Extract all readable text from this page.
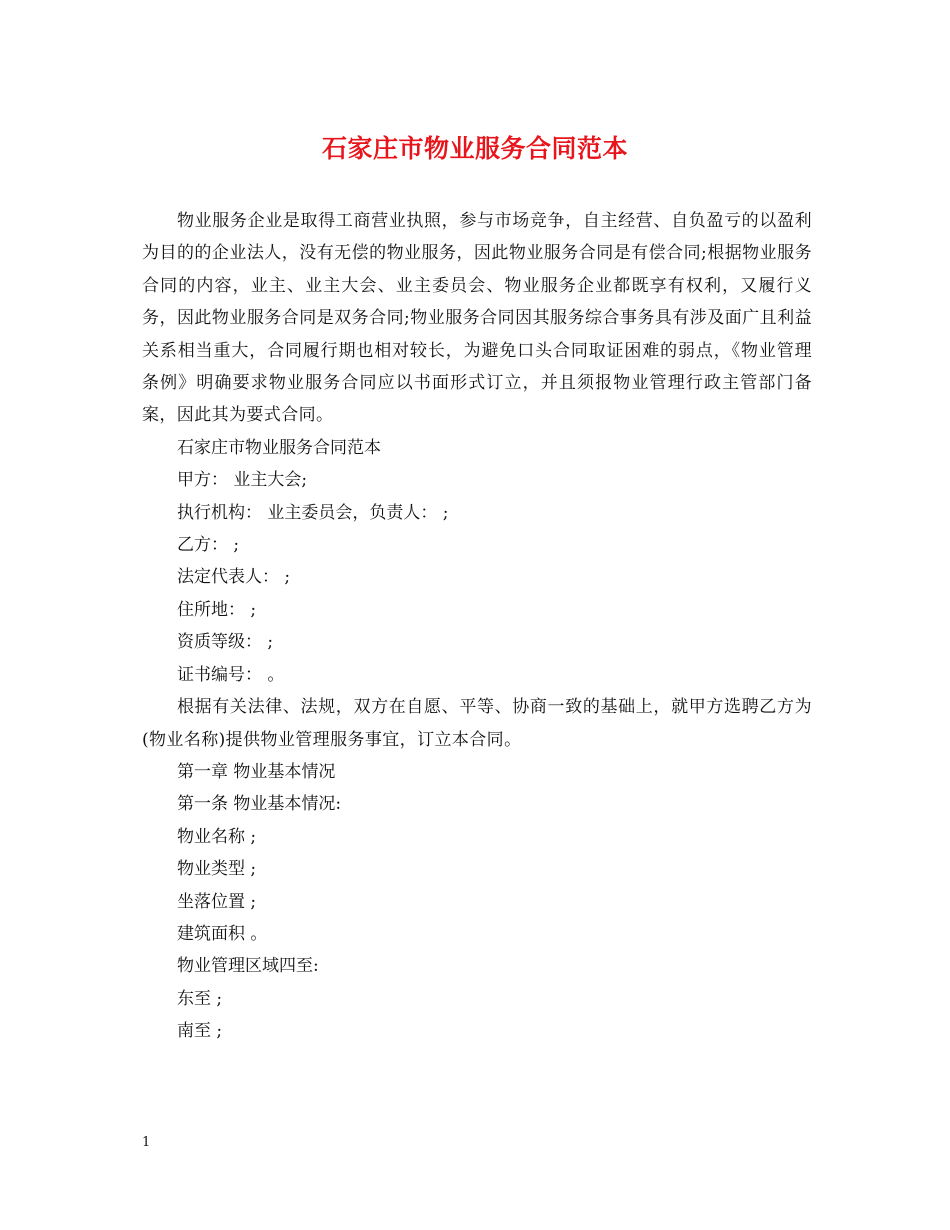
石家庄市物业服务合同范本

物业服务企业是取得工商营业执照，参与市场竞争，自主经营、自负盈亏的以盈利为目的的企业法人，没有无偿的物业服务，因此物业服务合同是有偿合同;根据物业服务合同的内容，业主、业主大会、业主委员会、物业服务企业都既享有权利，又履行义务，因此物业服务合同是双务合同;物业服务合同因其服务综合事务具有涉及面广且利益关系相当重大，合同履行期也相对较长，为避免口头合同取证困难的弱点，《物业管理条例》明确要求物业服务合同应以书面形式订立，并且须报物业管理行政主管部门备案，因此其为要式合同。

石家庄市物业服务合同范本

甲方： 业主大会;

执行机构： 业主委员会，负责人： ;

乙方： ;

法定代表人： ;

住所地： ;

资质等级： ;

证书编号： 。

根据有关法律、法规，双方在自愿、平等、协商一致的基础上，就甲方选聘乙方为 (物业名称)提供物业管理服务事宜，订立本合同。

第一章 物业基本情况

第一条 物业基本情况:

物业名称 ;

物业类型 ;

坐落位置 ;

建筑面积 。

物业管理区域四至:

东至 ;

南至 ;

1
